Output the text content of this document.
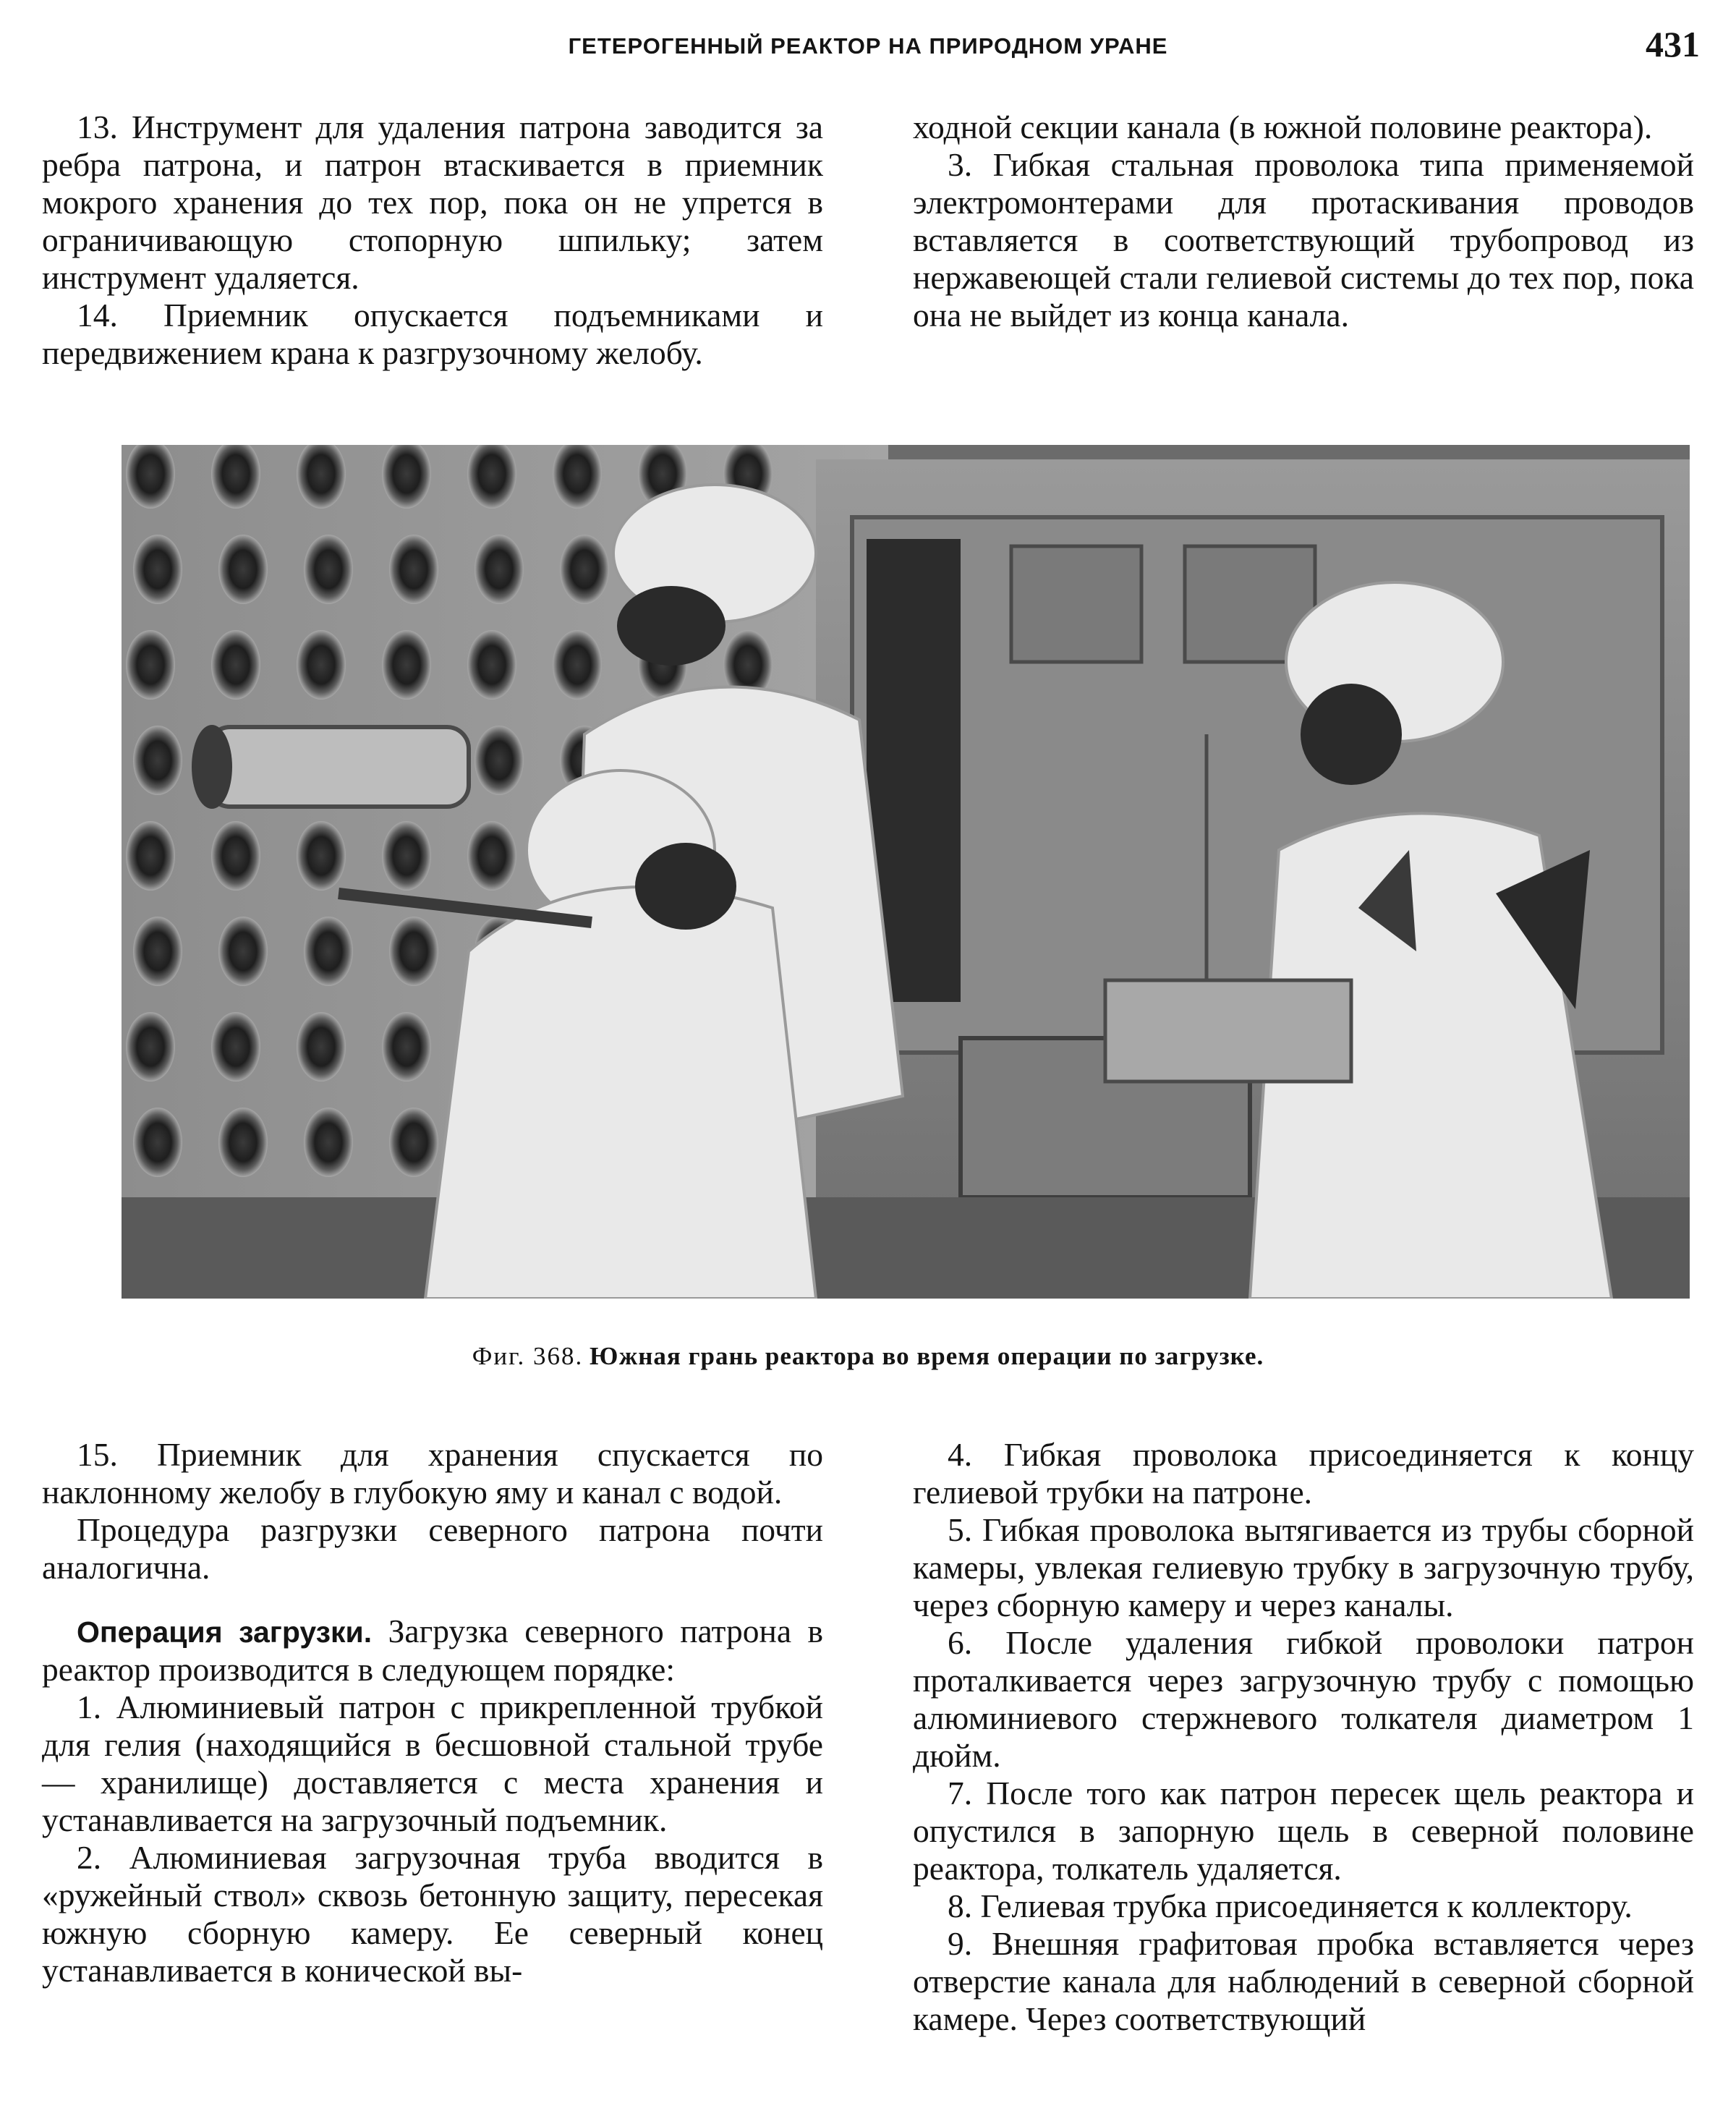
ГЕТЕРОГЕННЫЙ РЕАКТОР НА ПРИРОДНОМ УРАНЕ	431

13. Инструмент для удаления патрона заводится за ребра патрона, и патрон втаскивается в приемник мокрого хранения до тех пор, пока он не упрется в ограничивающую стопорную шпильку; затем инструмент удаляется.

14. Приемник опускается подъемниками и передвижением крана к разгрузочному желобу.

ходной секции канала (в южной половине реактора).

3. Гибкая стальная проволока типа применяемой электромонтерами для протаскивания проводов вставляется в соответствующий трубопровод из нержавеющей стали гелиевой системы до тех пор, пока она не выйдет из конца канала.

Фиг. 368. Южная грань реактора во время операции по загрузке.

15. Приемник для хранения спускается по наклонному желобу в глубокую яму и канал с водой.

Процедура разгрузки северного патрона почти аналогична.

Операция загрузки. Загрузка северного патрона в реактор производится в следующем порядке:

1. Алюминиевый патрон с прикрепленной трубкой для гелия (находящийся в бесшовной стальной трубе — хранилище) доставляется с места хранения и устанавливается на загрузочный подъемник.

2. Алюминиевая загрузочная труба вводится в «ружейный ствол» сквозь бетонную защиту, пересекая южную сборную камеру. Ее северный конец устанавливается в конической вы-

4. Гибкая проволока присоединяется к концу гелиевой трубки на патроне.

5. Гибкая проволока вытягивается из трубы сборной камеры, увлекая гелиевую трубку в загрузочную трубу, через сборную камеру и через каналы.

6. После удаления гибкой проволоки патрон проталкивается через загрузочную трубу с помощью алюминиевого стержневого толкателя диаметром 1 дюйм.

7. После того как патрон пересек щель реактора и опустился в запорную щель в северной половине реактора, толкатель удаляется.

8. Гелиевая трубка присоединяется к коллектору.

9. Внешняя графитовая пробка вставляется через отверстие канала для наблюдений в северной сборной камере. Через соответствующий
